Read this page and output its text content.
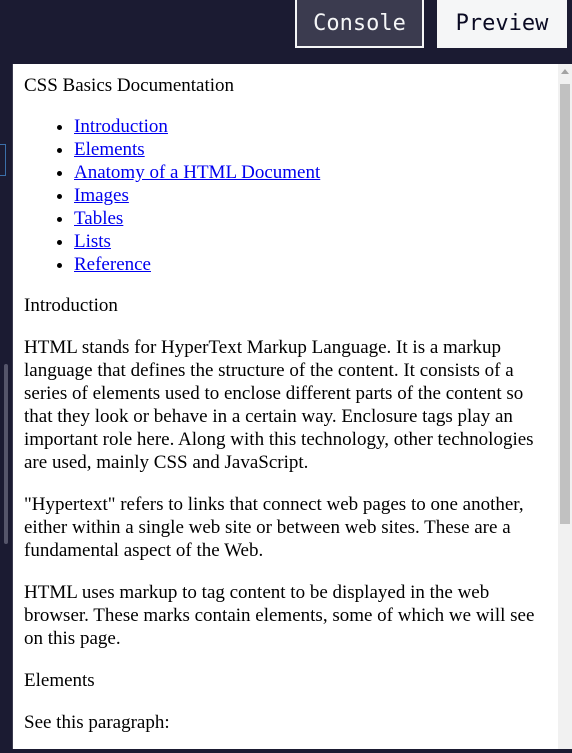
Console	Preview

CSS Basics Documentation

• Introduction
• Elements
• Anatomy of a HTML Document
• Images
• Tables
• Lists
• Reference

Introduction

HTML stands for HyperText Markup Language. It is a markup language that defines the structure of the content. It consists of a series of elements used to enclose different parts of the content so that they look or behave in a certain way. Enclosure tags play an important role here. Along with this technology, other technologies are used, mainly CSS and JavaScript.

"Hypertext" refers to links that connect web pages to one another, either within a single web site or between web sites. These are a fundamental aspect of the Web.

HTML uses markup to tag content to be displayed in the web browser. These marks contain elements, some of which we will see on this page.

Elements

See this paragraph:
